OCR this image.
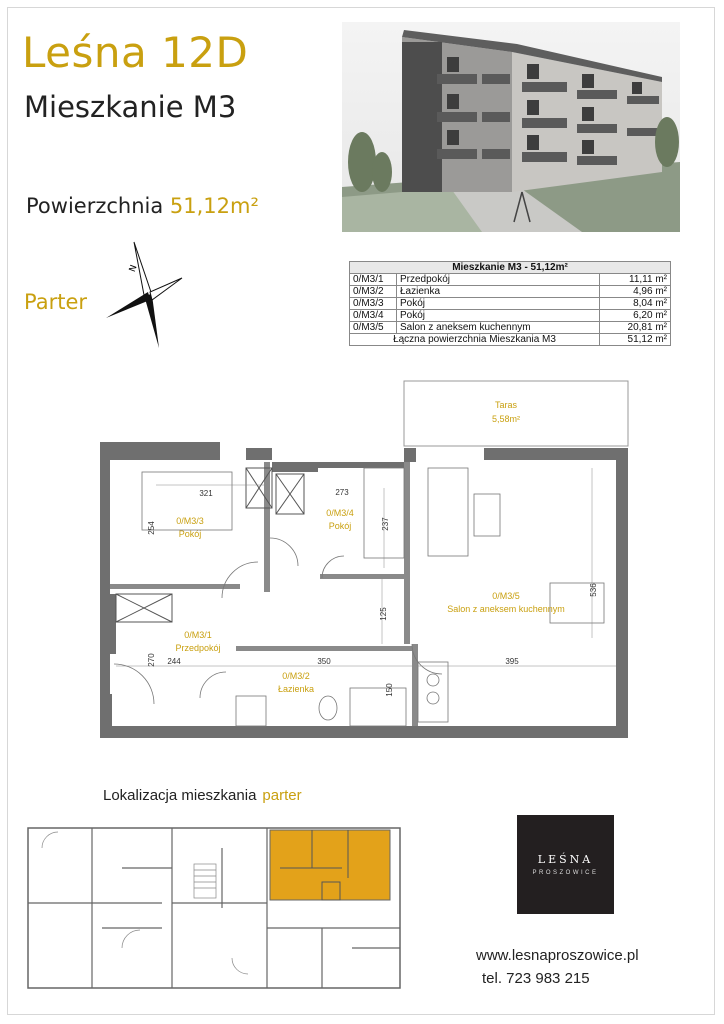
Leśna 12D
Mieszkanie M3
Powierzchnia 51,12m²
Parter
N	Mieszkanie M3 - 51,12m²		
0/M3/1	Przedpokój	11,11 m²
0/M3/2	Łazienka	4,96 m²
0/M3/3	Pokój	8,04 m²
0/M3/4	Pokój	6,20 m²
0/M3/5	Salon z aneksem kuchennym	20,81 m²
Łączna powierzchnia Mieszkania M3		51,12 m²
Taras
5,58m²
0/M3/3
Pokój
0/M3/4
Pokój
0/M3/5
Salon z aneksem kuchennym
0/M3/1
Przedpokój
0/M3/2
Łazienka
321	273
254	237
125
536
270 244	350	395
150
Lokalizacja mieszkania parter
LEŚNA
PROSZOWICE
www.lesnaproszowice.pl
tel. 723 983 215
